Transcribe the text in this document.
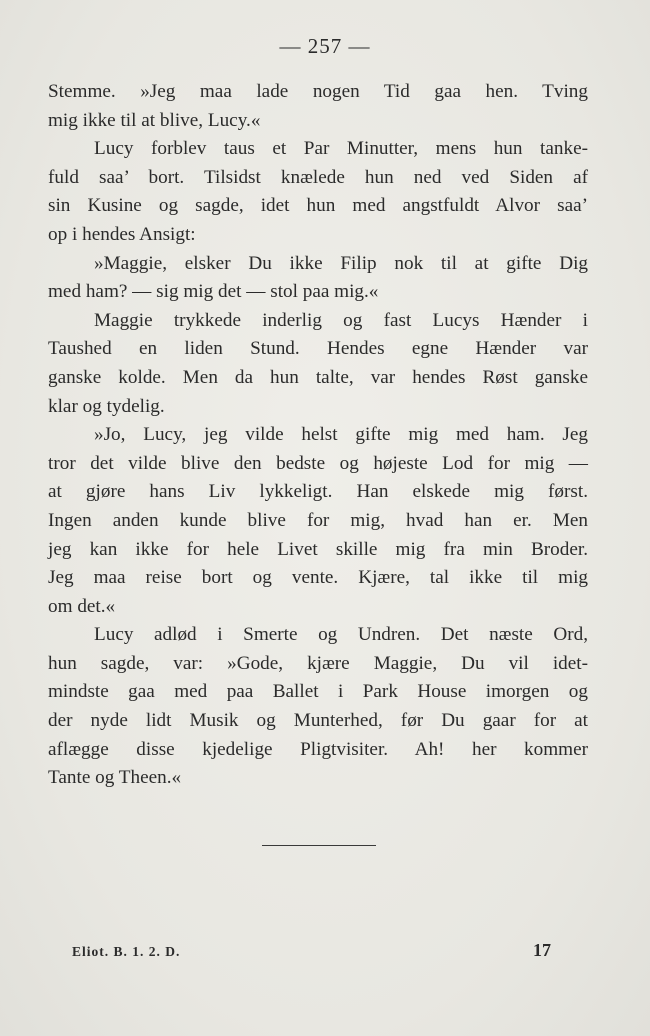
— 257 —
Stemme. »Jeg maa lade nogen Tid gaa hen. Tving
mig ikke til at blive, Lucy.«
Lucy forblev taus et Par Minutter, mens hun tanke-
fuld saa’ bort. Tilsidst knælede hun ned ved Siden af
sin Kusine og sagde, idet hun med angstfuldt Alvor saa’
op i hendes Ansigt:
»Maggie, elsker Du ikke Filip nok til at gifte Dig
med ham? — sig mig det — stol paa mig.«
Maggie trykkede inderlig og fast Lucys Hænder i
Taushed en liden Stund. Hendes egne Hænder var
ganske kolde. Men da hun talte, var hendes Røst ganske
klar og tydelig.
»Jo, Lucy, jeg vilde helst gifte mig med ham. Jeg
tror det vilde blive den bedste og højeste Lod for mig —
at gjøre hans Liv lykkeligt. Han elskede mig først.
Ingen anden kunde blive for mig, hvad han er. Men
jeg kan ikke for hele Livet skille mig fra min Broder.
Jeg maa reise bort og vente. Kjære, tal ikke til mig
om det.«
Lucy adlød i Smerte og Undren. Det næste Ord,
hun sagde, var: »Gode, kjære Maggie, Du vil idet-
mindste gaa med paa Ballet i Park House imorgen og
der nyde lidt Musik og Munterhed, før Du gaar for at
aflægge disse kjedelige Pligtvisiter. Ah! her kommer
Tante og Theen.«
Eliot. B. 1. 2. D.	17
